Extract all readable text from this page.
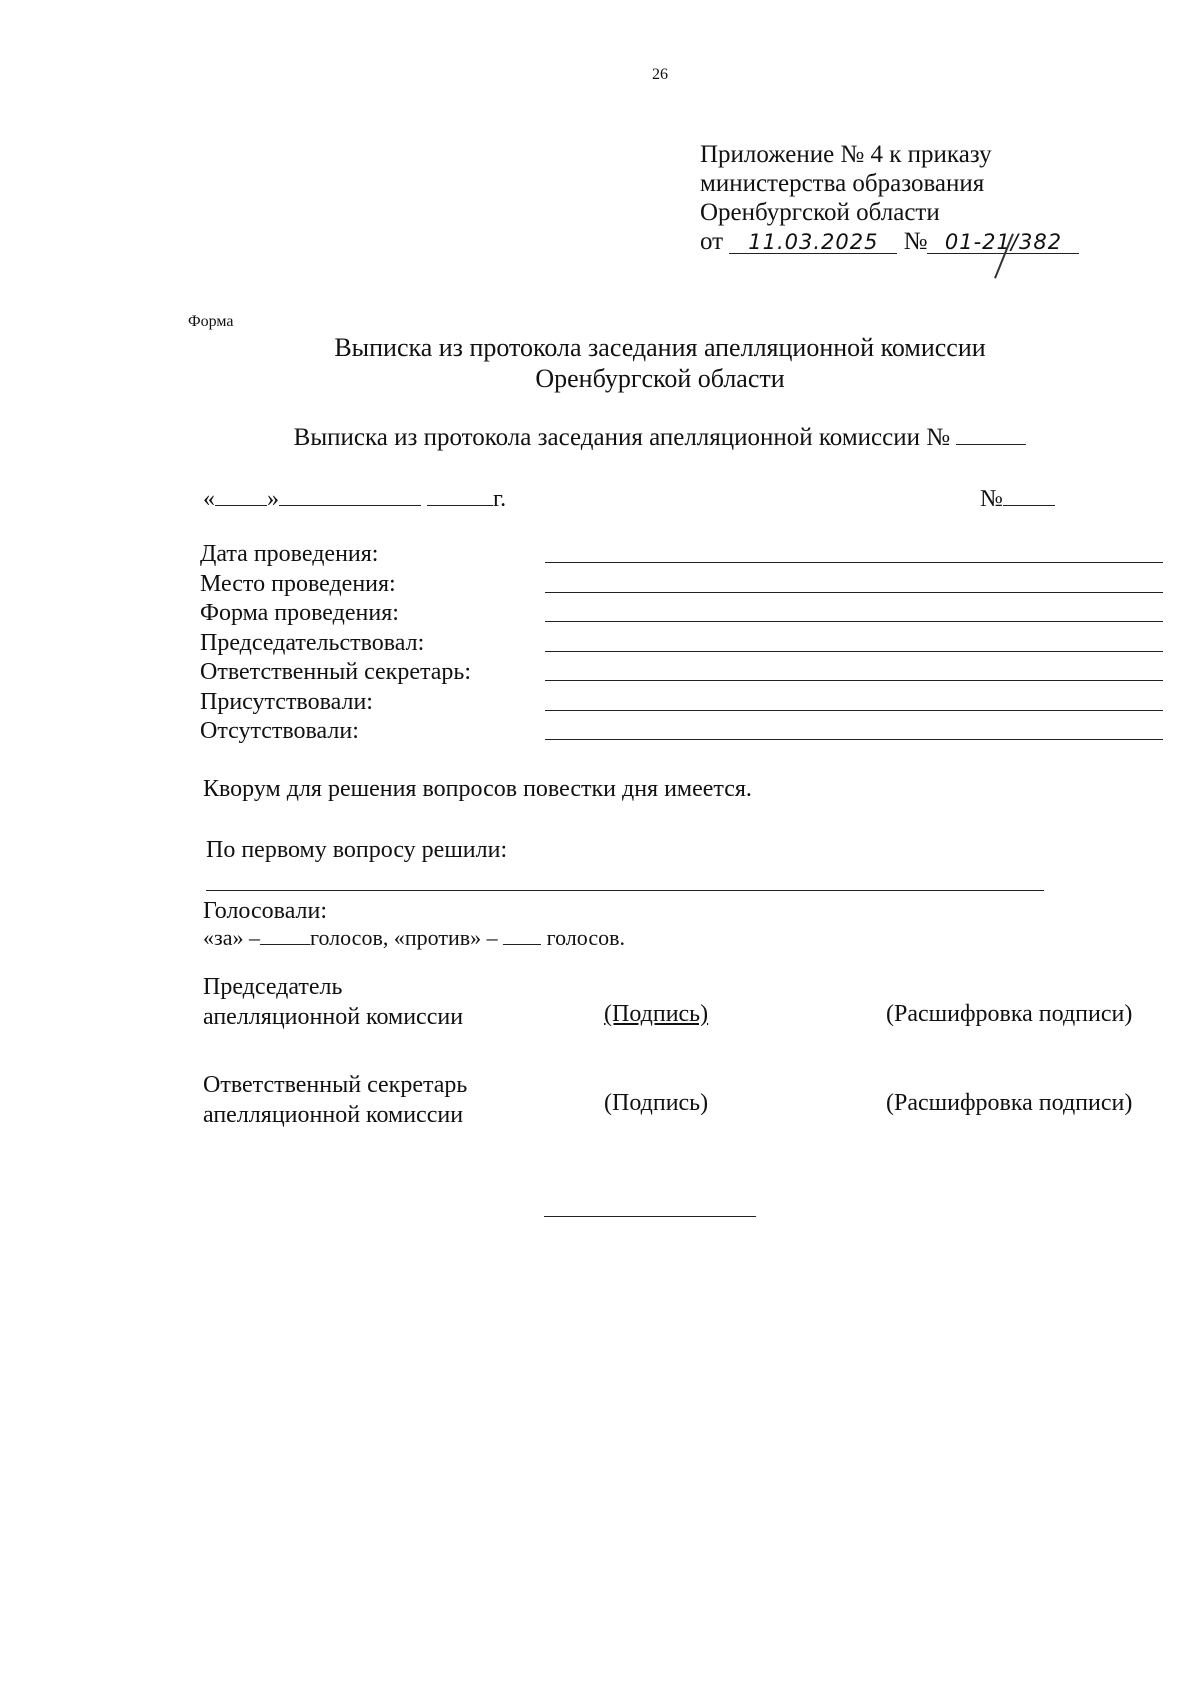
26
Приложение № 4 к приказу
министерства образования
Оренбургской области
от 11.03.2025 № 01-21/382
Форма
Выписка из протокола заседания апелляционной комиссии
Оренбургской области
Выписка из протокола заседания апелляционной комиссии №
« »	г.	№
Дата проведения:
Место проведения:
Форма проведения:
Председательствовал:
Ответственный секретарь:
Присутствовали:
Отсутствовали:
Кворум для решения вопросов повестки дня имеется.
По первому вопросу решили:
Голосовали:
«за» – голосов, «против» – голосов.
Председатель
апелляционной комиссии	(Подпись)	(Расшифровка подписи)
Ответственный секретарь
апелляционной комиссии	(Подпись)	(Расшифровка подписи)
